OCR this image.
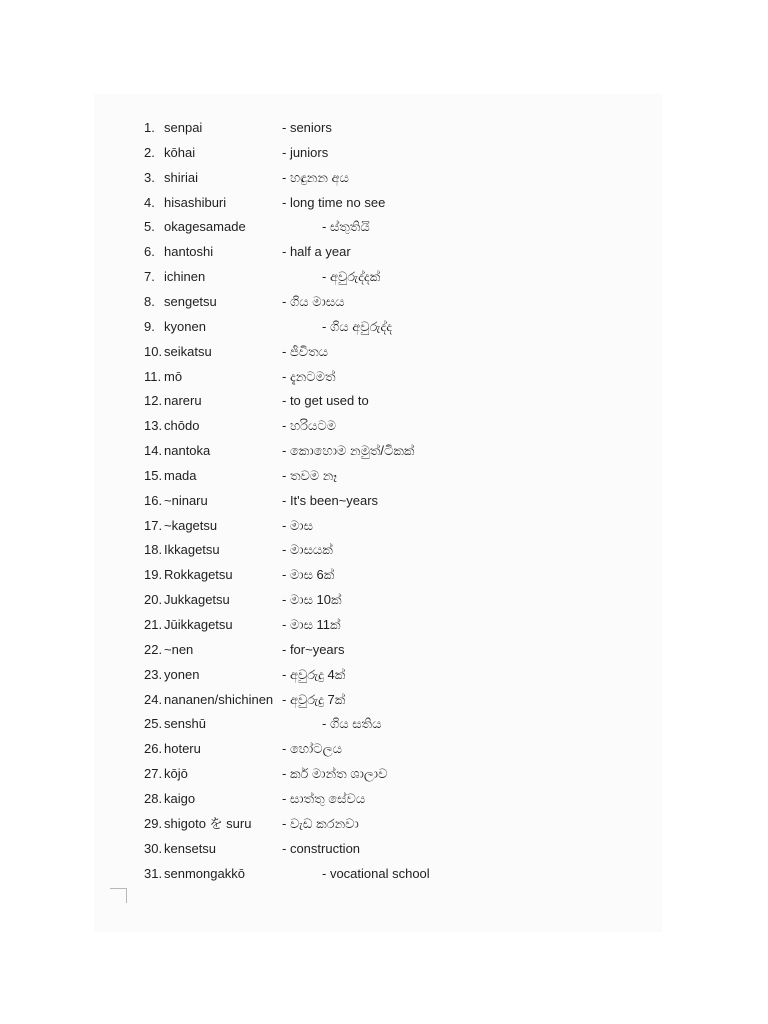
1. senpai	- seniors
2. kōhai	- juniors
3. shiriai	- හඳුනන අය
4. hisashiburi	- long time no see
5. okagesamade	- ස්තුතියි
6. hantoshi	- half a year
7. ichinen	- අවුරුද්දක්
8. sengetsu	- ගිය මාසය
9. kyonen	- ගිය අවුරුද්ද
10. seikatsu	- ජීවිතය
11. mō	- දැනටමත්
12. nareru	- to get used to
13. chōdo	- හරියටම
14. nantoka	- කොහොම නමුත්/ටිකක්
15. mada	- තවම නෑ
16. ~ninaru	- It's been~years
17. ~kagetsu	- මාස
18. Ikkagetsu	- මාසයක්
19. Rokkagetsu	- මාස 6ක්
20. Jukkagetsu	- මාස 10ක්
21. Jūikkagetsu	- මාස 11ක්
22. ~nen	- for~years
23. yonen	- අවුරුදු 4ක්
24. nananen/shichinen - අවුරුදු 7ක්
25. senshū	- ගිය සතිය
26. hoteru	- හෝටලය
27. kōjō	- කර් මාන්ත ශාලාව
28. kaigo	- සාත්තු සේවය
29. shigoto を suru - වැඩ කරනවා
30. kensetsu	- construction
31. senmongakkō	- vocational school
